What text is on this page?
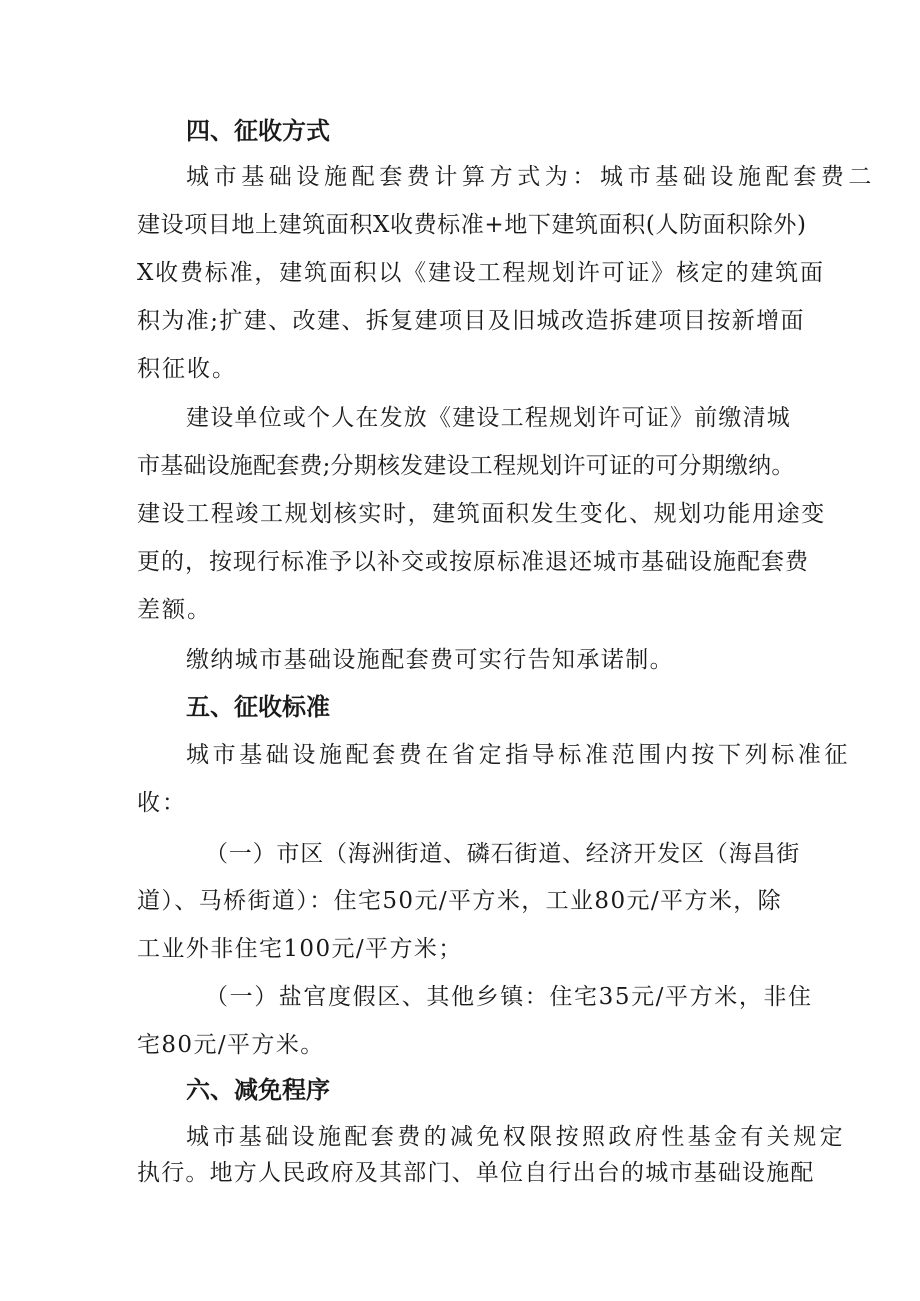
四、征收方式
城市基础设施配套费计算方式为：城市基础设施配套费二
建设项目地上建筑面积X收费标准+地下建筑面积(人防面积除外)
X收费标准，建筑面积以《建设工程规划许可证》核定的建筑面
积为准;扩建、改建、拆复建项目及旧城改造拆建项目按新增面
积征收。
建设单位或个人在发放《建设工程规划许可证》前缴清城
市基础设施配套费;分期核发建设工程规划许可证的可分期缴纳。
建设工程竣工规划核实时，建筑面积发生变化、规划功能用途变
更的，按现行标准予以补交或按原标准退还城市基础设施配套费
差额。
缴纳城市基础设施配套费可实行告知承诺制。
五、征收标准
城市基础设施配套费在省定指导标准范围内按下列标准征
收：
（一）市区（海洲街道、磷石街道、经济开发区（海昌街
道）、马桥街道）：住宅50元/平方米，工业80元/平方米，除
工业外非住宅100元/平方米；
（一）盐官度假区、其他乡镇：住宅35元/平方米，非住
宅80元/平方米。
六、减免程序
城市基础设施配套费的减免权限按照政府性基金有关规定
执行。地方人民政府及其部门、单位自行出台的城市基础设施配
